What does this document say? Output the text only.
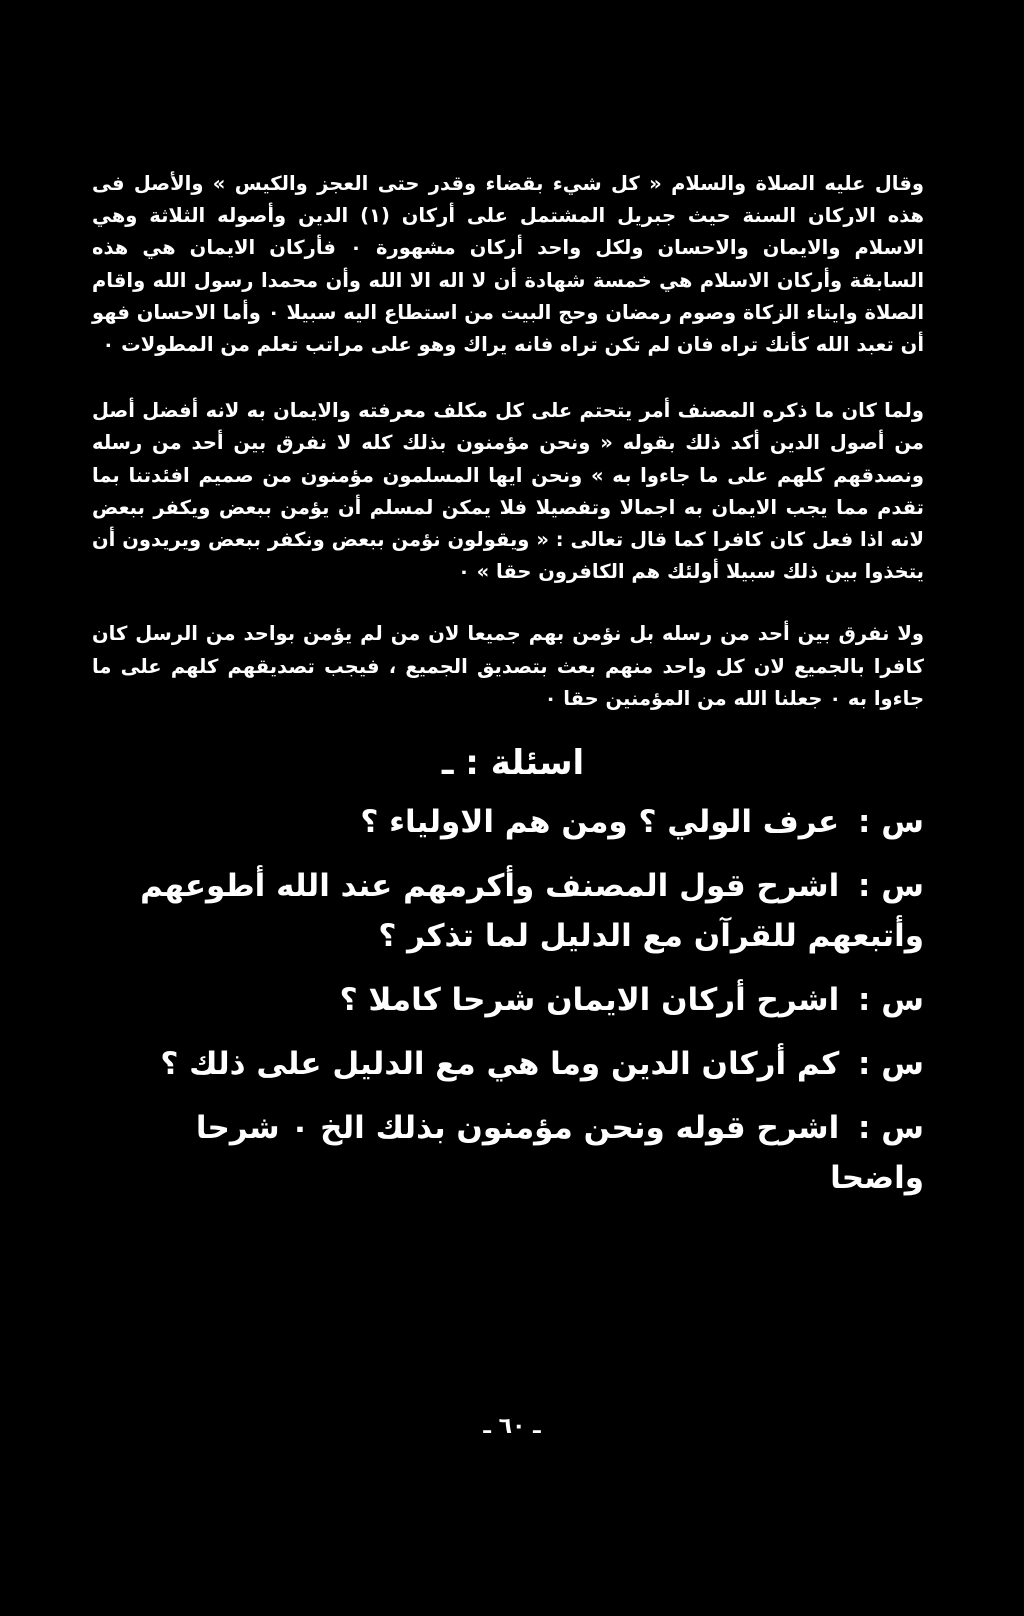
وقال عليه الصلاة والسلام « كل شيء بقضاء وقدر حتى العجز والكيس » والأصل فى هذه الاركان السنة حيث جبريل المشتمل على أركان (١) الدين وأصوله الثلاثة وهي الاسلام والايمان والاحسان ولكل واحد أركان مشهورة ٠ فأركان الايمان هي هذه السابقة وأركان الاسلام هي خمسة شهادة أن لا اله الا الله وأن محمدا رسول الله واقام الصلاة وايتاء الزكاة وصوم رمضان وحج البيت من استطاع اليه سبيلا ٠ وأما الاحسان فهو أن تعبد الله كأنك تراه فان لم تكن تراه فانه يراك وهو على مراتب تعلم من المطولات ٠

ولما كان ما ذكره المصنف أمر يتحتم على كل مكلف معرفته والايمان به لانه أفضل أصل من أصول الدين أكد ذلك بقوله « ونحن مؤمنون بذلك كله لا نفرق بين أحد من رسله ونصدقهم كلهم على ما جاءوا به » ونحن ايها المسلمون مؤمنون من صميم افئدتنا بما تقدم مما يجب الايمان به اجمالا وتفصيلا فلا يمكن لمسلم أن يؤمن ببعض ويكفر ببعض لانه اذا فعل كان كافرا كما قال تعالى : « ويقولون نؤمن ببعض ونكفر ببعض ويريدون أن يتخذوا بين ذلك سبيلا أولئك هم الكافرون حقا » ٠

ولا نفرق بين أحد من رسله بل نؤمن بهم جميعا لان من لم يؤمن بواحد من الرسل كان كافرا بالجميع لان كل واحد منهم بعث بتصديق الجميع ، فيجب تصديقهم كلهم على ما جاءوا به ٠ جعلنا الله من المؤمنين حقا ٠

اسئلة : ـ
س : عرف الولي ؟ ومن هم الاولياء ؟
س : اشرح قول المصنف وأكرمهم عند الله أطوعهم وأتبعهم للقرآن مع الدليل لما تذكر ؟
س : اشرح أركان الايمان شرحا كاملا ؟
س : كم أركان الدين وما هي مع الدليل على ذلك ؟
س : اشرح قوله ونحن مؤمنون بذلك الخ ٠ شرحا واضحا
ـ ٦٠ ـ
